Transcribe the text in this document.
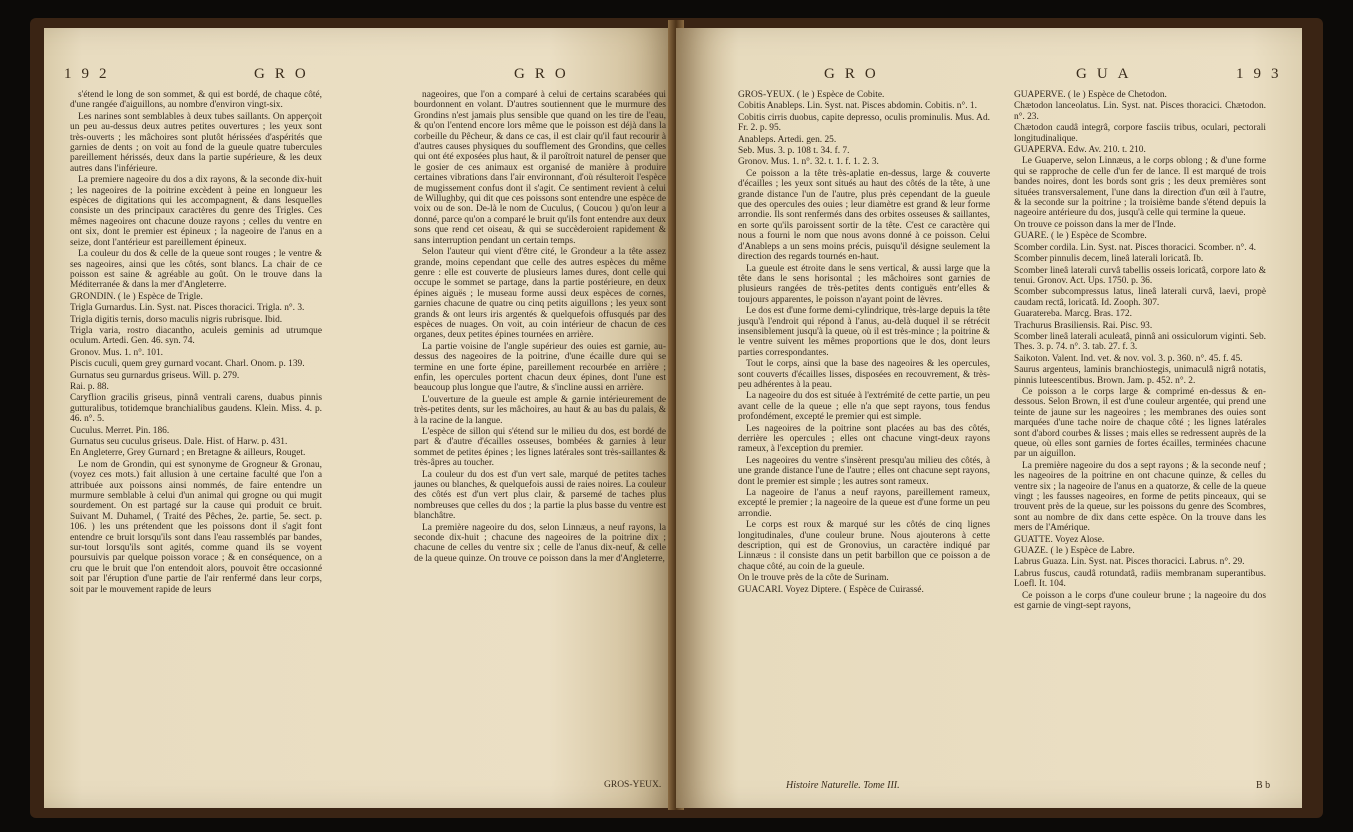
192	GRO	GRO

s'étend le long de son sommet, & qui est bordé, de chaque côté, d'une rangée d'aiguillons, au nombre d'environ vingt-six.

Les narines sont semblables à deux tubes saillants. On apperçoit un peu au-dessus deux autres petites ouvertures ; les yeux sont très-ouverts ; les mâchoires sont plutôt hérissées d'aspérités que garnies de dents ; on voit au fond de la gueule quatre tubercules pareillement hérissés, deux dans la partie supérieure, & les deux autres dans l'inférieure.

La premiere nageoire du dos a dix rayons, & la seconde dix-huit ; les nageoires de la poitrine excèdent à peine en longueur les espèces de digitations qui les accompagnent, & dans lesquelles consiste un des principaux caractères du genre des Trigles. Ces mêmes nageoires ont chacune douze rayons ; celles du ventre en ont six, dont le premier est épineux ; la nageoire de l'anus en a seize, dont l'antérieur est pareillement épineux.

La couleur du dos & celle de la queue sont rouges ; le ventre & ses nageoires, ainsi que les côtés, sont blancs. La chair de ce poisson est saine & agréable au goût. On le trouve dans la Méditerranée & dans la mer d'Angleterre.

GRONDIN. ( le ) Espèce de Trigle.

Trigla Gurnardus. Lin. Syst. nat. Pisces thoracici. Trigla. n°. 3.

Trigla digitis ternis, dorso maculis nigris rubrisque. Ibid.

Trigla varia, rostro diacantho, aculeis geminis ad utrumque oculum. Artedi. Gen. 46. syn. 74.

Gronov. Mus. 1. n°. 101.

Piscis cuculi, quem grey gurnard vocant. Charl. Onom. p. 139.

Gurnatus seu gurnardus griseus. Will. p. 279.

Rai. p. 88.

Caryflion gracilis griseus, pinnâ ventrali carens, duabus pinnis gutturalibus, totidemque branchialibus gaudens. Klein. Miss. 4. p. 46. n°. 5.

Cuculus. Merret. Pin. 186.

Gurnatus seu cuculus griseus. Dale. Hist. of Harw. p. 431.

En Angleterre, Grey Gurnard ; en Bretagne & ailleurs, Rouget.

Le nom de Grondin, qui est synonyme de Grogneur & Gronau, (voyez ces mots.) fait allusion à une certaine faculté que l'on a attribuée aux poissons ainsi nommés, de faire entendre un murmure semblable à celui d'un animal qui grogne ou qui mugit sourdement. On est partagé sur la cause qui produit ce bruit. Suivant M. Duhamel, ( Traité des Pêches, 2e. partie, 5e. sect. p. 106. ) les uns prétendent que les poissons dont il s'agit font entendre ce bruit lorsqu'ils sont dans l'eau rassemblés par bandes, sur-tout lorsqu'ils sont agités, comme quand ils se voyent poursuivis par quelque poisson vorace ; & en conséquence, on a cru que le bruit que l'on entendoit alors, pouvoit être occasionné soit par l'éruption d'une partie de l'air renfermé dans leur corps, soit par le mouvement rapide de leurs

nageoires, que l'on a comparé à celui de certains scarabées qui bourdonnent en volant. D'autres soutiennent que le murmure des Grondins n'est jamais plus sensible que quand on les tire de l'eau, & qu'on l'entend encore lors même que le poisson est déjà dans la corbeille du Pêcheur, & dans ce cas, il est clair qu'il faut recourir à d'autres causes physiques du soufflement des Grondins, que celles qui ont été exposées plus haut, & il paroîtroit naturel de penser que le gosier de ces animaux est organisé de manière à produire certaines vibrations dans l'air environnant, d'où résulteroit l'espèce de mugissement confus dont il s'agit. Ce sentiment revient à celui de Willughby, qui dit que ces poissons sont entendre une espèce de voix ou de son. De-là le nom de Cuculus, ( Coucou ) qu'on leur a donné, parce qu'on a comparé le bruit qu'ils font entendre aux deux sons que rend cet oiseau, & qui se succèderoient rapidement & sans interruption pendant un certain temps.

Selon l'auteur qui vient d'être cité, le Grondeur a la tête assez grande, moins cependant que celle des autres espèces du même genre : elle est couverte de plusieurs lames dures, dont celle qui occupe le sommet se partage, dans la partie postérieure, en deux épines aiguës ; le museau forme aussi deux espèces de cornes, garnies chacune de quatre ou cinq petits aiguillons ; les yeux sont grands & ont leurs iris argentés & quelquefois offusqués par des espèces de nuages. On voit, au coin intérieur de chacun de ces organes, deux petites épines tournées en arrière.

La partie voisine de l'angle supérieur des ouies est garnie, au-dessus des nageoires de la poitrine, d'une écaille dure qui se termine en une forte épine, pareillement recourbée en arrière ; enfin, les opercules portent chacun deux épines, dont l'une est beaucoup plus longue que l'autre, & s'incline aussi en arrière.

L'ouverture de la gueule est ample & garnie intérieurement de très-petites dents, sur les mâchoires, au haut & au bas du palais, & à la racine de la langue.

L'espèce de sillon qui s'étend sur le milieu du dos, est bordé de part & d'autre d'écailles osseuses, bombées & garnies à leur sommet de petites épines ; les lignes latérales sont très-saillantes & très-âpres au toucher.

La couleur du dos est d'un vert sale, marqué de petites taches jaunes ou blanches, & quelquefois aussi de raies noires. La couleur des côtés est d'un vert plus clair, & parsemé de taches plus nombreuses que celles du dos ; la partie la plus basse du ventre est blanchâtre.

La première nageoire du dos, selon Linnæus, a neuf rayons, la seconde dix-huit ; chacune des nageoires de la poitrine dix ; chacune de celles du ventre six ; celle de l'anus dix-neuf, & celle de la queue quinze. On trouve ce poisson dans la mer d'Angleterre,

GROS-YEUX.
GRO	GUA	193

GROS-YEUX. ( le ) Espèce de Cobite.

Cobitis Anableps. Lin. Syst. nat. Pisces abdomin. Cobitis. n°. 1.

Cobitis cirris duobus, capite depresso, oculis prominulis. Mus. Ad. Fr. 2. p. 95.

Anableps. Artedi. gen. 25.

Seb. Mus. 3. p. 108 t. 34. f. 7.

Gronov. Mus. 1. n°. 32. t. 1. f. 1. 2. 3.

Ce poisson a la tête très-aplatie en-dessus, large & couverte d'écailles ; les yeux sont situés au haut des côtés de la tête, à une grande distance l'un de l'autre, plus près cependant de la gueule que des opercules des ouies ; leur diamètre est grand & leur forme arrondie. Ils sont renfermés dans des orbites osseuses & saillantes, en sorte qu'ils paroissent sortir de la tête. C'est ce caractère qui nous a fourni le nom que nous avons donné à ce poisson. Celui d'Anableps a un sens moins précis, puisqu'il désigne seulement la direction des regards tournés en-haut.

La gueule est étroite dans le sens vertical, & aussi large que la tête dans le sens horisontal ; les mâchoires sont garnies de plusieurs rangées de très-petites dents contiguës entr'elles & toujours apparentes, le poisson n'ayant point de lèvres.

Le dos est d'une forme demi-cylindrique, très-large depuis la tête jusqu'à l'endroit qui répond à l'anus, au-delà duquel il se rétrécit insensiblement jusqu'à la queue, où il est très-mince ; la poitrine & le ventre suivent les mêmes proportions que le dos, dont leurs parties correspondantes.

Tout le corps, ainsi que la base des nageoires & les opercules, sont couverts d'écailles lisses, disposées en recouvrement, & très-peu adhérentes à la peau.

La nageoire du dos est située à l'extrémité de cette partie, un peu avant celle de la queue ; elle n'a que sept rayons, tous fendus profondément, excepté le premier qui est simple.

Les nageoires de la poitrine sont placées au bas des côtés, derrière les opercules ; elles ont chacune vingt-deux rayons rameux, à l'exception du premier.

Les nageoires du ventre s'insèrent presqu'au milieu des côtés, à une grande distance l'une de l'autre ; elles ont chacune sept rayons, dont le premier est simple ; les autres sont rameux.

La nageoire de l'anus a neuf rayons, pareillement rameux, excepté le premier ; la nageoire de la queue est d'une forme un peu arrondie.

Le corps est roux & marqué sur les côtés de cinq lignes longitudinales, d'une couleur brune. Nous ajouterons à cette description, qui est de Gronovius, un caractère indiqué par Linnæus : il consiste dans un petit barbillon que ce poisson a de chaque côté, au coin de la gueule.

On le trouve près de la côte de Surinam.

GUACARI. Voyez Diptere. ( Espèce de Cuirassé.

GUAPERVE. ( le ) Espèce de Chetodon.

Chætodon lanceolatus. Lin. Syst. nat. Pisces thoracici. Chætodon. n°. 23.

Chætodon caudâ integrâ, corpore fasciis tribus, oculari, pectorali longitudinalique.

GUAPERVA. Edw. Av. 210. t. 210.

Le Guaperve, selon Linnæus, a le corps oblong ; & d'une forme qui se rapproche de celle d'un fer de lance. Il est marqué de trois bandes noires, dont les bords sont gris ; les deux premières sont situées transversalement, l'une dans la direction d'un œil à l'autre, & la seconde sur la poitrine ; la troisième bande s'étend depuis la nageoire antérieure du dos, jusqu'à celle qui termine la queue.

On trouve ce poisson dans la mer de l'Inde.

GUARE. ( le ) Espèce de Scombre.

Scomber cordila. Lin. Syst. nat. Pisces thoracici. Scomber. n°. 4.

Scomber pinnulis decem, lineâ laterali loricatâ. Ib.

Scomber lineâ laterali curvâ tabellis osseis loricatâ, corpore lato & tenui. Gronov. Act. Ups. 1750. p. 36.

Scomber subcompressus latus, lineâ laterali curvâ, laevi, propè caudam rectâ, loricatâ. Id. Zooph. 307.

Guaratereba. Marcg. Bras. 172.

Trachurus Brasiliensis. Rai. Pisc. 93.

Scomber lineâ laterali aculeatâ, pinnâ ani ossiculorum viginti. Seb. Thes. 3. p. 74. n°. 3. tab. 27. f. 3.

Saikoton. Valent. Ind. vet. & nov. vol. 3. p. 360. n°. 45. f. 45.

Saurus argenteus, laminis branchiostegis, unimaculâ nigrâ notatis, pinnis luteescentibus. Brown. Jam. p. 452. n°. 2.

Ce poisson a le corps large & comprimé en-dessus & en-dessous. Selon Brown, il est d'une couleur argentée, qui prend une teinte de jaune sur les nageoires ; les membranes des ouies sont marquées d'une tache noire de chaque côté ; les lignes latérales sont d'abord courbes & lisses ; mais elles se redressent auprès de la queue, où elles sont garnies de fortes écailles, terminées chacune par un aiguillon.

La première nageoire du dos a sept rayons ; & la seconde neuf ; les nageoires de la poitrine en ont chacune quinze, & celles du ventre six ; la nageoire de l'anus en a quatorze, & celle de la queue vingt ; les fausses nageoires, en forme de petits pinceaux, qui se trouvent près de la queue, sur les poissons du genre des Scombres, sont au nombre de dix dans cette espèce. On la trouve dans les mers de l'Amérique.

GUATTE. Voyez Alose.

GUAZE. ( le ) Espèce de Labre.

Labrus Guaza. Lin. Syst. nat. Pisces thoracici. Labrus. n°. 29.

Labrus fuscus, caudâ rotundatâ, radiis membranam superantibus. Loefl. It. 104.

Ce poisson a le corps d'une couleur brune ; la nageoire du dos est garnie de vingt-sept rayons,

Histoire Naturelle. Tome III.	B b
